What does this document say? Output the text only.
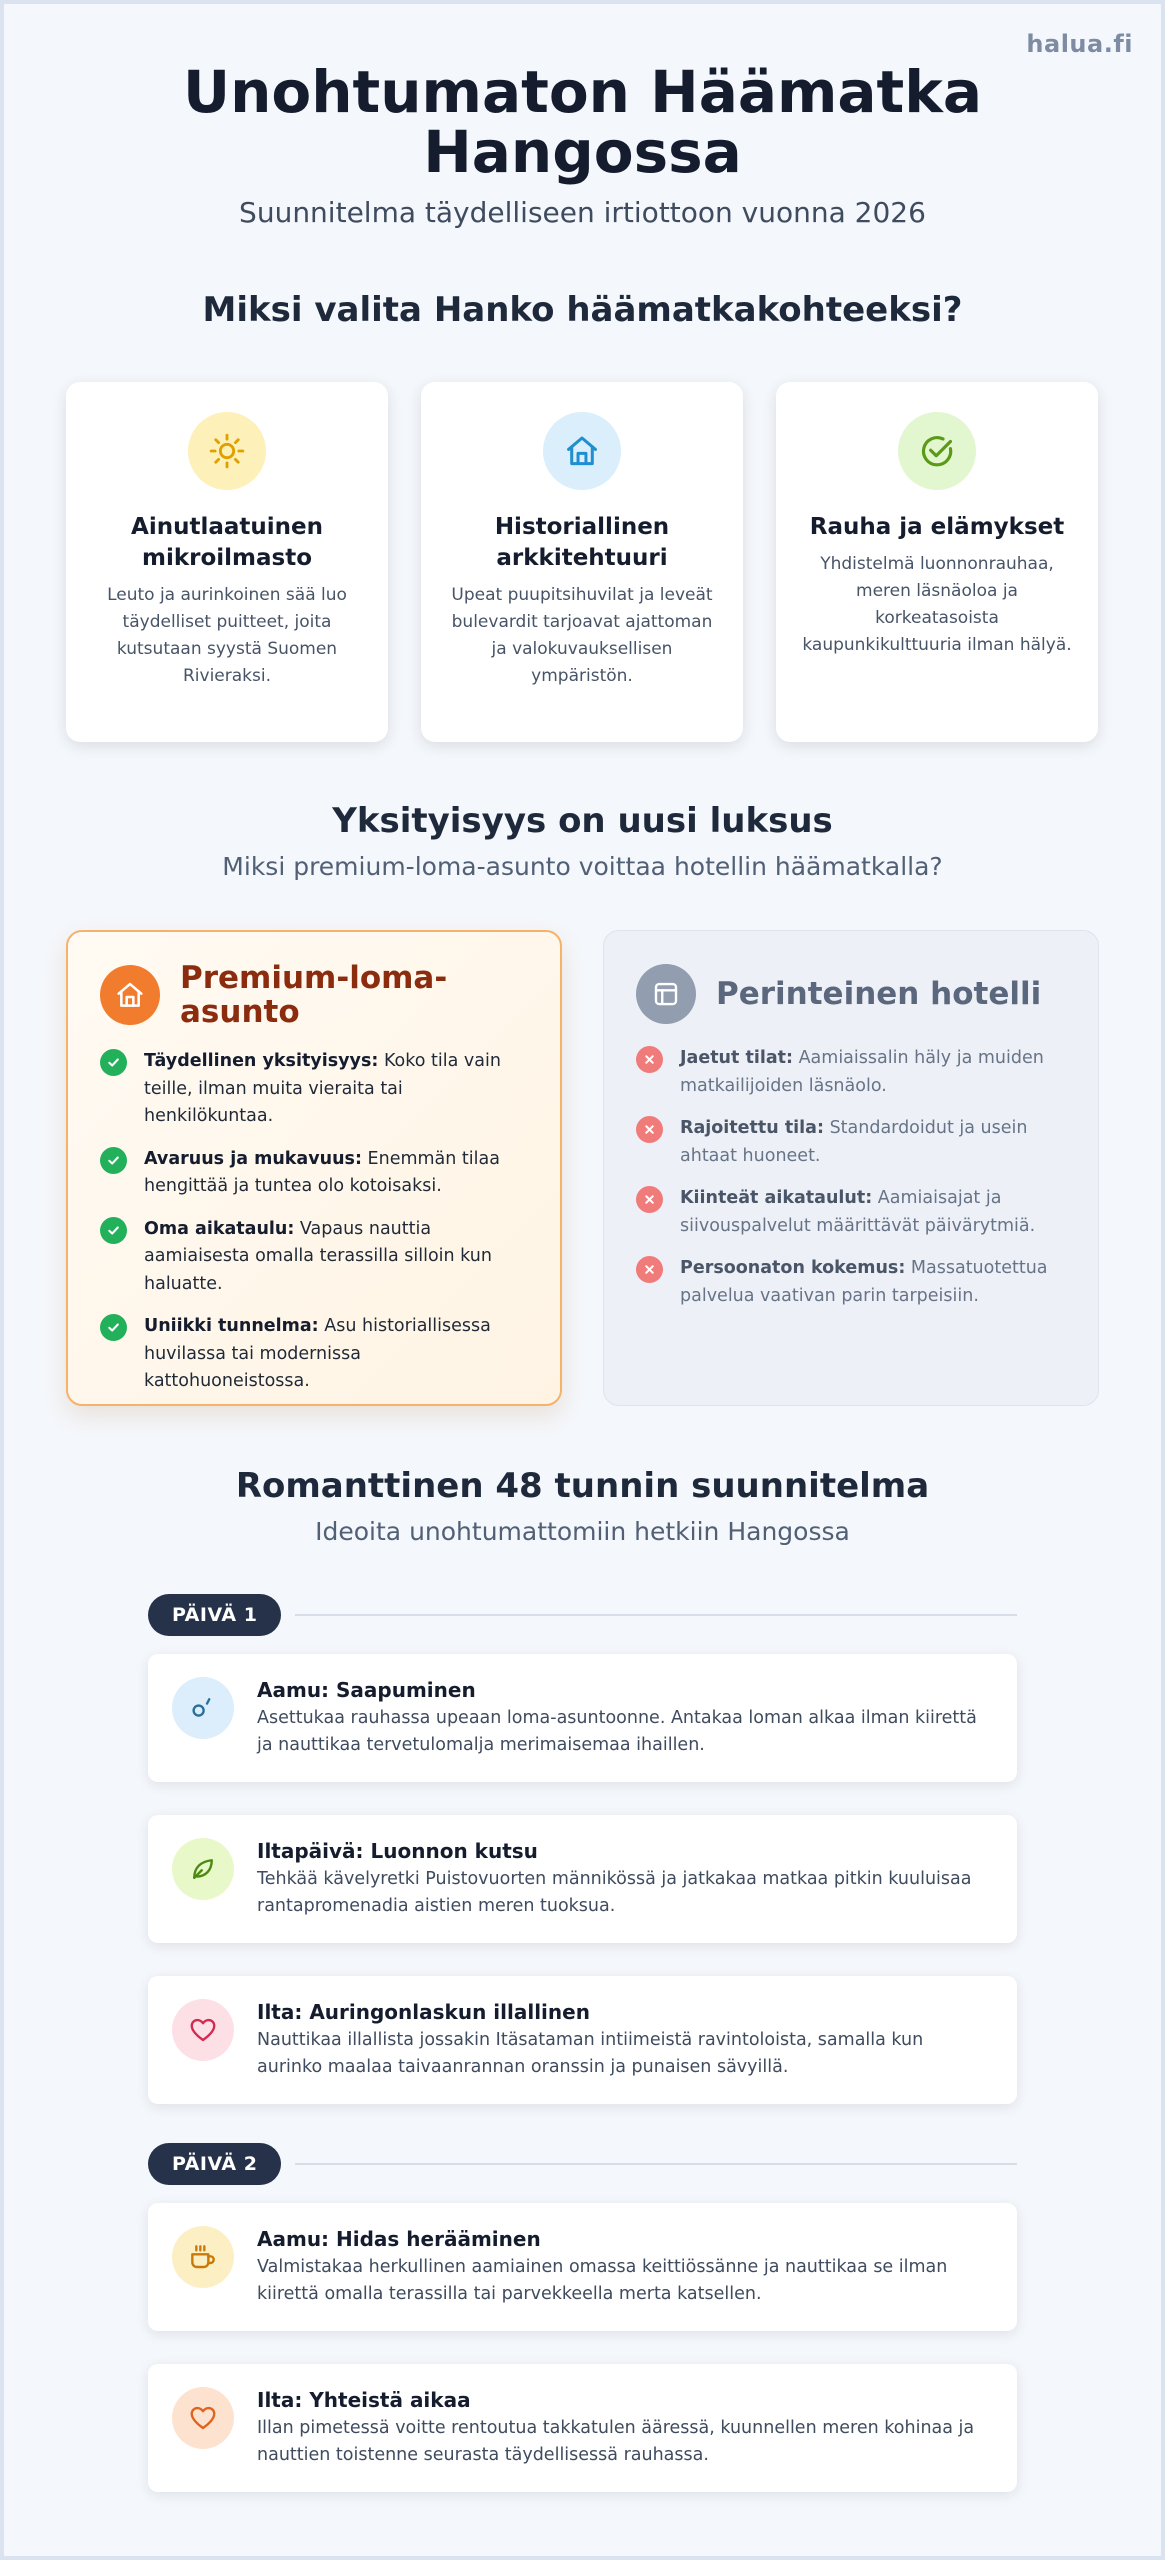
halua.fi
Unohtumaton Häämatka Hangossa
Suunnitelma täydelliseen irtiottoon vuonna 2026
Miksi valita Hanko häämatkakohteeksi?
Ainutlaatuinen mikroilmasto

Leuto ja aurinkoinen sää luo täydelliset puitteet, joita kutsutaan syystä Suomen Rivieraksi.

Historiallinen arkkitehtuuri

Upeat puupitsihuvilat ja leveät bulevardit tarjoavat ajattoman ja valokuvauksellisen ympäristön.

Rauha ja elämykset

Yhdistelmä luonnonrauhaa, meren läsnäoloa ja korkeatasoista kaupunkikulttuuria ilman hälyä.

Yksityisyys on uusi luksus
Miksi premium-loma-asunto voittaa hotellin häämatkalla?
Premium-loma-asunto
Täydellinen yksityisyys: Koko tila vain teille, ilman muita vieraita tai henkilökuntaa.
Avaruus ja mukavuus: Enemmän tilaa hengittää ja tuntea olo kotoisaksi.
Oma aikataulu: Vapaus nauttia aamiaisesta omalla terassilla silloin kun haluatte.
Uniikki tunnelma: Asu historiallisessa huvilassa tai modernissa kattohuoneistossa.
Perinteinen hotelli
Jaetut tilat: Aamiaissalin häly ja muiden matkailijoiden läsnäolo.
Rajoitettu tila: Standardoidut ja usein ahtaat huoneet.
Kiinteät aikataulut: Aamiaisajat ja siivouspalvelut määrittävät päivärytmiä.
Persoonaton kokemus: Massatuotettua palvelua vaativan parin tarpeisiin.
Romanttinen 48 tunnin suunnitelma
Ideoita unohtumattomiin hetkiin Hangossa
PÄIVÄ 1
Aamu: Saapuminen
Asettukaa rauhassa upeaan loma-asuntoonne. Antakaa loman alkaa ilman kiirettä ja nauttikaa tervetulomalja merimaisemaa ihaillen.
Iltapäivä: Luonnon kutsu
Tehkää kävelyretki Puistovuorten männikössä ja jatkakaa matkaa pitkin kuuluisaa rantapromenadia aistien meren tuoksua.
Ilta: Auringonlaskun illallinen
Nauttikaa illallista jossakin Itäsataman intiimeistä ravintoloista, samalla kun aurinko maalaa taivaanrannan oranssin ja punaisen sävyillä.
PÄIVÄ 2
Aamu: Hidas herääminen
Valmistakaa herkullinen aamiainen omassa keittiössänne ja nauttikaa se ilman kiirettä omalla terassilla tai parvekkeella merta katsellen.
Ilta: Yhteistä aikaa
Illan pimetessä voitte rentoutua takkatulen ääressä, kuunnellen meren kohinaa ja nauttien toistenne seurasta täydellisessä rauhassa.
